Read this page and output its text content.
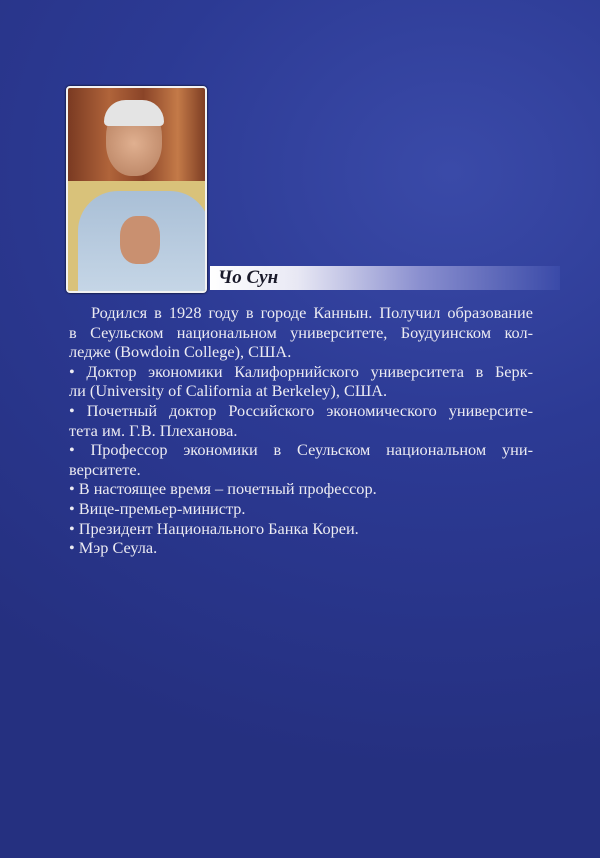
Чо Сун
Родился в 1928 году в городе Каннын. Получил образование
в Сеульском национальном университете, Боудуинском кол-
ледже (Bowdoin College), США.
• Доктор экономики Калифорнийского университета в Берк-
ли (University of California at Berkeley), США.
• Почетный доктор Российского экономического университе-
тета им. Г.В. Плеханова.
• Профессор экономики в Сеульском национальном уни-
верситете.
• В настоящее время – почетный профессор.
• Вице-премьер-министр.
• Президент Национального Банка Кореи.
• Мэр Сеула.
